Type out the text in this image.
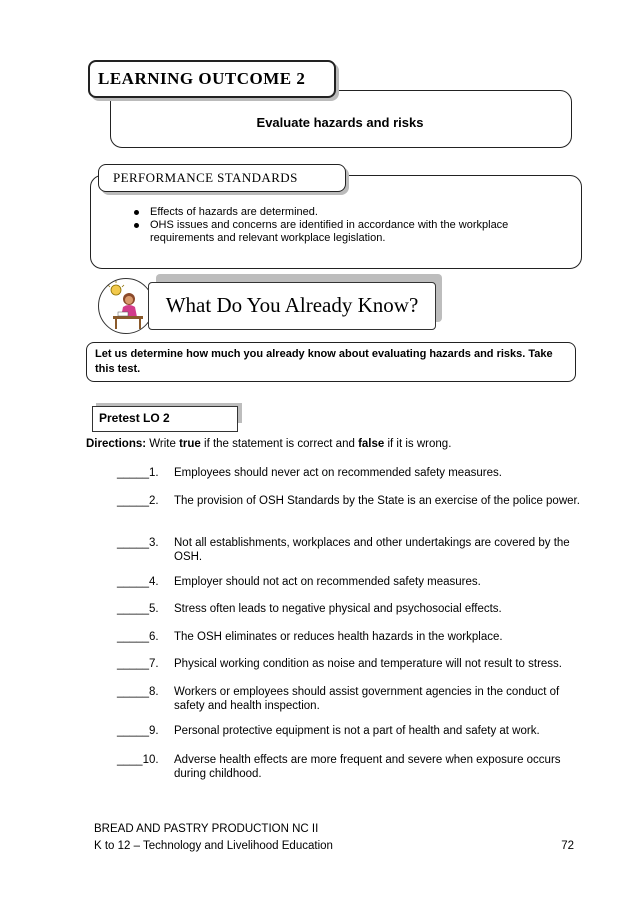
LEARNING OUTCOME 2
Evaluate hazards and risks
PERFORMANCE STANDARDS
Effects of hazards are determined.
OHS issues and concerns are identified in accordance with the workplace requirements and relevant workplace legislation.
What Do You Already Know?
Let us determine how much you already know about evaluating hazards and risks. Take this test.
Pretest LO 2
Directions: Write true if the statement is correct and false if it is wrong.
_____1.	Employees should never act on recommended safety measures.
_____2.	The provision of OSH Standards by the State is an exercise of the police power.
_____3.	Not all establishments, workplaces and other undertakings are covered by the OSH.
_____4.	Employer should not act on recommended safety measures.
_____5.	Stress often leads to negative physical and psychosocial effects.
_____6.	The OSH eliminates or reduces health hazards in the workplace.
_____7.	Physical working condition as noise and temperature will not result to stress.
_____8.	Workers or employees should assist government agencies in the conduct of safety and health inspection.
_____9.	Personal protective equipment is not a part of health and safety at work.
____10.	Adverse health effects are more frequent and severe when exposure occurs during childhood.
BREAD AND PASTRY PRODUCTION NC II
K to 12 – Technology and Livelihood Education	72
